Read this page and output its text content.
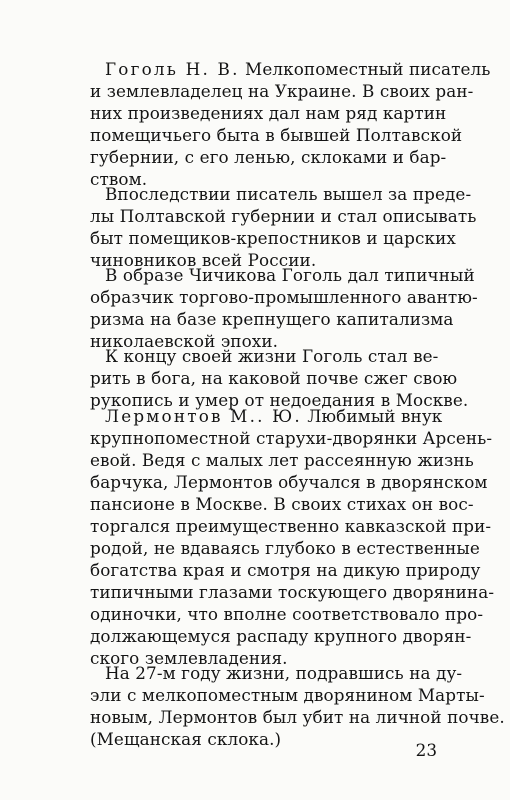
Гоголь Н. В. Мелкопоместный писатель

и землевладелец на Украине. В своих ран-

них произведениях дал нам ряд картин

помещичьего быта в бывшей Полтавской

губернии, с его ленью, склоками и бар-

ством.

Впоследствии писатель вышел за преде-

лы Полтавской губернии и стал описывать

быт помещиков-крепостников и царских

чиновников всей России.

В образе Чичикова Гоголь дал типичный

образчик торгово-промышленного авантю-

ризма на базе крепнущего капитализма

николаевской эпохи.

К концу своей жизни Гоголь стал ве-

рить в бога, на каковой почве сжег свою

рукопись и умер от недоедания в Москве.

Лермонтов М.. Ю. Любимый внук

крупнопоместной старухи-дворянки Арсень-

евой. Ведя с малых лет рассеянную жизнь

барчука, Лермонтов обучался в дворянском

пансионе в Москве. В своих стихах он вос-

торгался преимущественно кавказской при-

родой, не вдаваясь глубоко в естественные

богатства края и смотря на дикую природу

типичными глазами тоскующего дворянина-

одиночки, что вполне соответствовало про-

должающемуся распаду крупного дворян-

ского землевладения.

На 27-м году жизни, подравшись на ду-

эли с мелкопоместным дворянином Марты-

новым, Лермонтов был убит на личной почве.

(Мещанская склока.)

23
